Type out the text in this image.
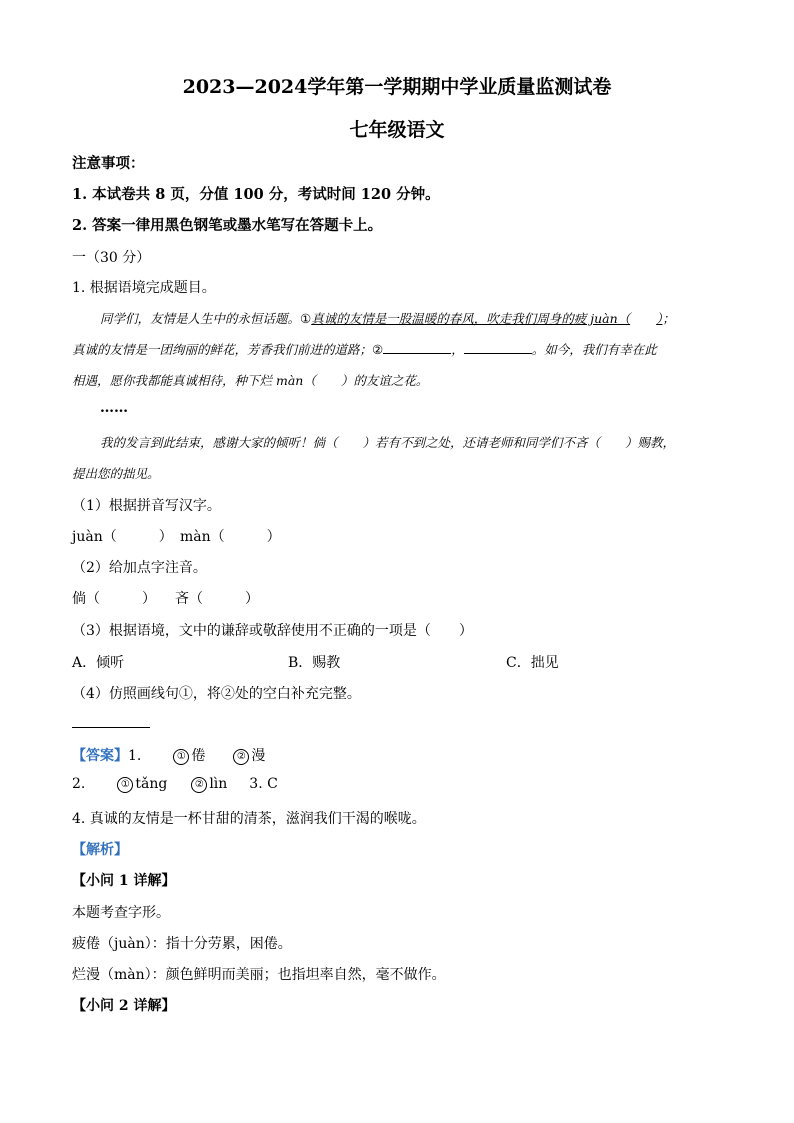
2023—2024学年第一学期期中学业质量监测试卷
七年级语文
注意事项：
1. 本试卷共 8 页，分值 100 分，考试时间 120 分钟。
2. 答案一律用黑色钢笔或墨水笔写在答题卡上。
一（30 分）
1. 根据语境完成题目。
同学们，友情是人生中的永恒话题。①真诚的友情是一股温暖的春风，吹走我们周身的疲 juàn（ ）；
真诚的友情是一团绚丽的鲜花，芳香我们前进的道路；②	，	。如今，我们有幸在此
相遇，愿你我都能真诚相待，种下烂 màn（　　）的友谊之花。
……
我的发言到此结束，感谢大家的倾听！倘（　　）若有不到之处，还请老师和同学们不吝（　　）赐教，
提出您的拙见。
（1）根据拼音写汉字。
juàn（　　　） màn（　　　）
（2）给加点字注音。
倘（　　　） 吝（　　　）
（3）根据语境，文中的谦辞或敬辞使用不正确的一项是（　　）
A．倾听	B．赐教	C．拙见
（4）仿照画线句①，将②处的空白补充完整。
【答案】1.	① 倦	② 漫
2.	① tǎng	② lìn 3. C
4. 真诚的友情是一杯甘甜的清茶，滋润我们干渴的喉咙。
【解析】
【小问 1 详解】
本题考查字形。
疲倦（juàn）：指十分劳累，困倦。
烂漫（màn）：颜色鲜明而美丽；也指坦率自然，毫不做作。
【小问 2 详解】
